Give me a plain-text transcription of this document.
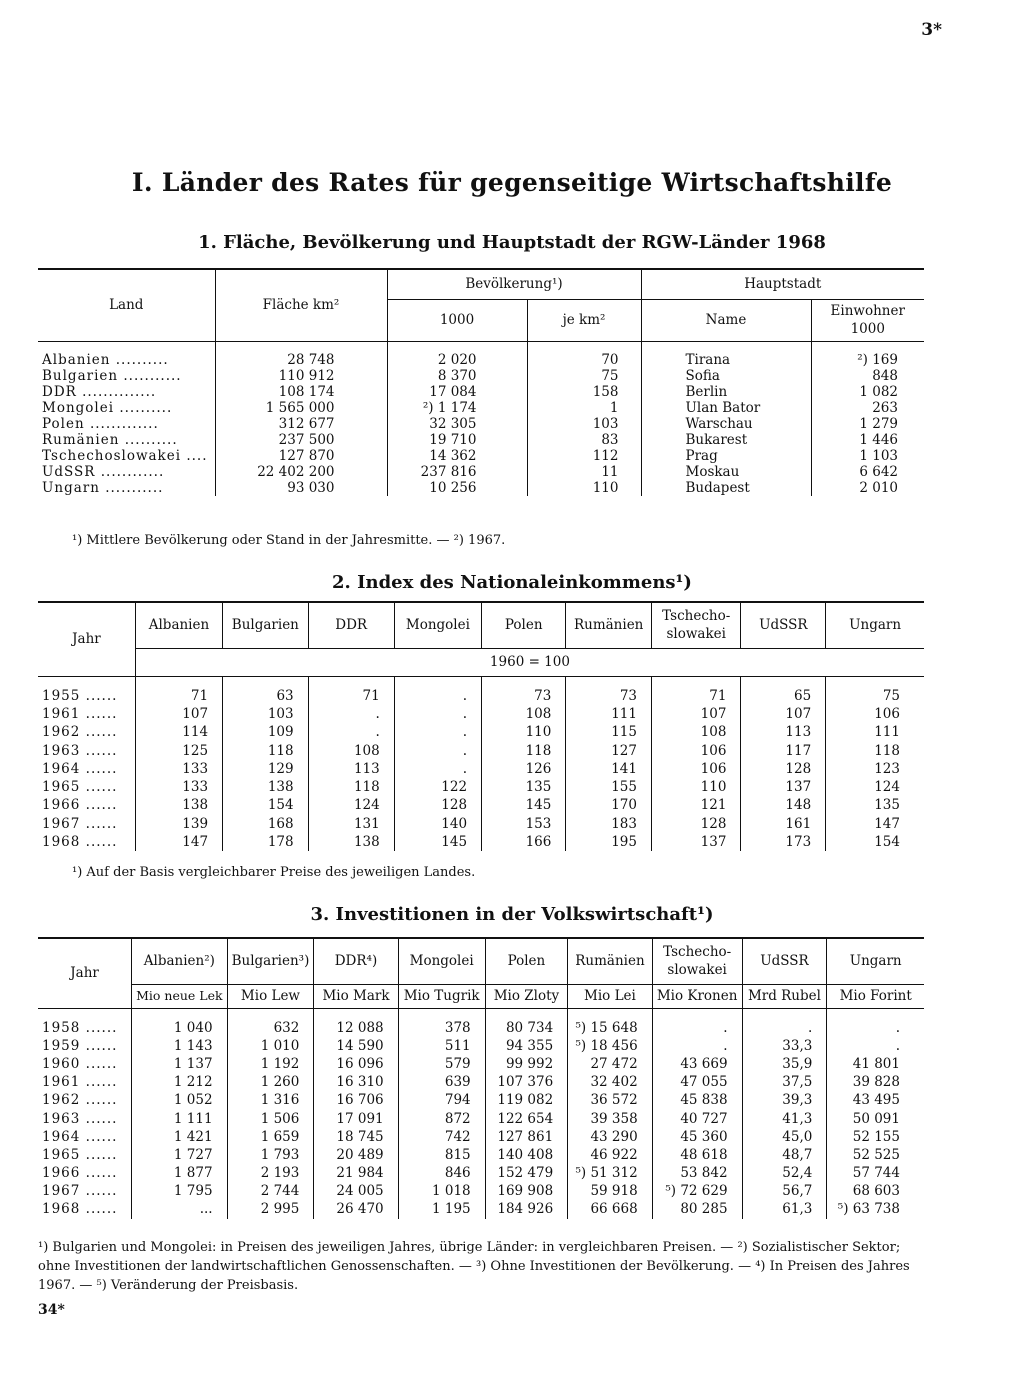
3*
I. Länder des Rates für gegenseitige Wirtschaftshilfe
1. Fläche, Bevölkerung und Hauptstadt der RGW-Länder 1968
Land	Fläche km²	Bevölkerung¹)		Hauptstadt	
		1000	je km²	Name	Einwohner 1000

Albanien ..........	28 748	2 020	70	Tirana	²) 169
Bulgarien ...........	110 912	8 370	75	Sofia	848
DDR ..............	108 174	17 084	158	Berlin	1 082
Mongolei ..........	1 565 000	²) 1 174	1	Ulan Bator	263
Polen .............	312 677	32 305	103	Warschau	1 279
Rumänien ..........	237 500	19 710	83	Bukarest	1 446
Tschechoslowakei ....	127 870	14 362	112	Prag	1 103
UdSSR ............	22 402 200	237 816	11	Moskau	6 642
Ungarn ...........	93 030	10 256	110	Budapest	2 010
¹) Mittlere Bevölkerung oder Stand in der Jahresmitte. — ²) 1967.
2. Index des Nationaleinkommens¹)
Jahr	Albanien	Bulgarien	DDR	Mongolei	Polen	Rumänien	Tschecho- slowakei	UdSSR	Ungarn
	1960 = 100								

1955 ......	71	63	71	.	73	73	71	65	75
1961 ......	107	103	.	.	108	111	107	107	106
1962 ......	114	109	.	.	110	115	108	113	111
1963 ......	125	118	108	.	118	127	106	117	118
1964 ......	133	129	113	.	126	141	106	128	123
1965 ......	133	138	118	122	135	155	110	137	124
1966 ......	138	154	124	128	145	170	121	148	135
1967 ......	139	168	131	140	153	183	128	161	147
1968 ......	147	178	138	145	166	195	137	173	154
¹) Auf der Basis vergleichbarer Preise des jeweiligen Landes.
3. Investitionen in der Volkswirtschaft¹)
Jahr	Albanien²)	Bulgarien³)	DDR⁴)	Mongolei	Polen	Rumänien	Tschecho- slowakei	UdSSR	Ungarn
	Mio neue Lek	Mio Lew	Mio Mark	Mio Tugrik	Mio Zloty	Mio Lei	Mio Kronen	Mrd Rubel	Mio Forint

1958 ......	1 040	632	12 088	378	80 734	⁵) 15 648	.	.	.
1959 ......	1 143	1 010	14 590	511	94 355	⁵) 18 456	.	33,3	.
1960 ......	1 137	1 192	16 096	579	99 992	27 472	43 669	35,9	41 801
1961 ......	1 212	1 260	16 310	639	107 376	32 402	47 055	37,5	39 828
1962 ......	1 052	1 316	16 706	794	119 082	36 572	45 838	39,3	43 495
1963 ......	1 111	1 506	17 091	872	122 654	39 358	40 727	41,3	50 091
1964 ......	1 421	1 659	18 745	742	127 861	43 290	45 360	45,0	52 155
1965 ......	1 727	1 793	20 489	815	140 408	46 922	48 618	48,7	52 525
1966 ......	1 877	2 193	21 984	846	152 479	⁵) 51 312	53 842	52,4	57 744
1967 ......	1 795	2 744	24 005	1 018	169 908	59 918	⁵) 72 629	56,7	68 603
1968 ......	...	2 995	26 470	1 195	184 926	66 668	80 285	61,3	⁵) 63 738
¹) Bulgarien und Mongolei: in Preisen des jeweiligen Jahres, übrige Länder: in vergleichbaren Preisen. — ²) Sozialistischer Sektor;
ohne Investitionen der landwirtschaftlichen Genossenschaften. — ³) Ohne Investitionen der Bevölkerung. — ⁴) In Preisen des Jahres
1967. — ⁵) Veränderung der Preisbasis.
34*
